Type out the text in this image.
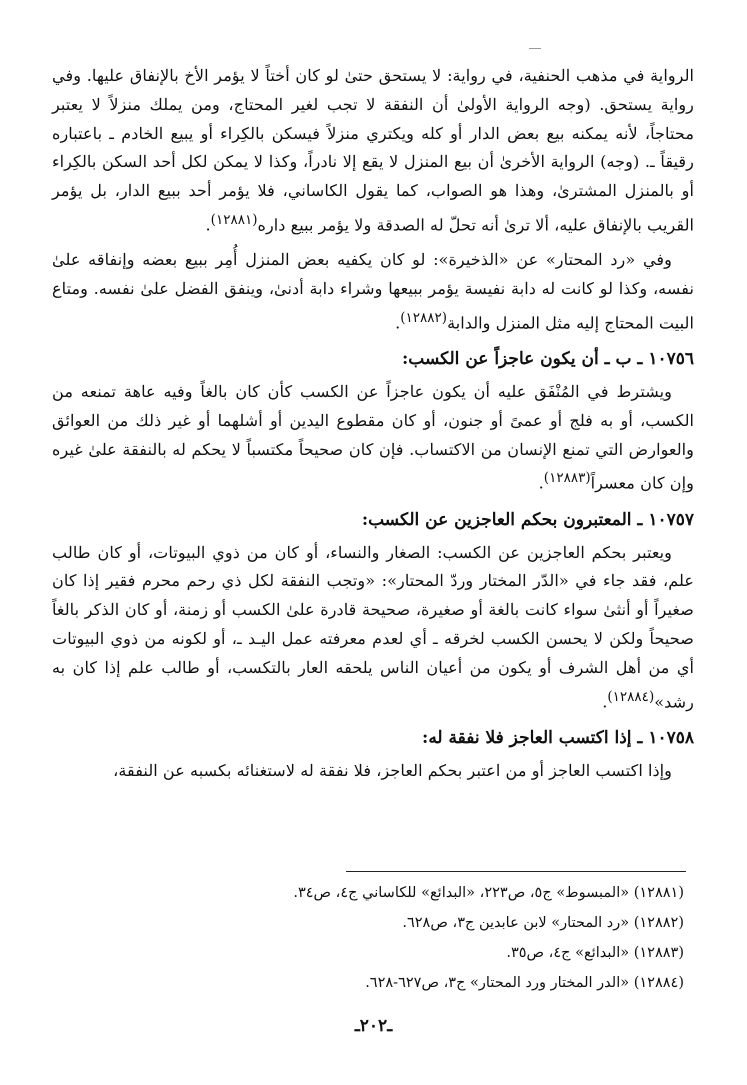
الرواية في مذهب الحنفية، في رواية: لا يستحق حتىٰ لو كان أختاً لا يؤمر الأخ بالإنفاق عليها. وفي رواية يستحق. (وجه الرواية الأولىٰ أن النفقة لا تجب لغير المحتاج، ومن يملك منزلاً لا يعتبر محتاجاً، لأنه يمكنه بيع بعض الدار أو كله ويكتري منزلاً فيسكن بالكِراء أو يبيع الخادم ـ باعتباره رقيقاً ـ. (وجه) الرواية الأخرىٰ أن بيع المنزل لا يقع إلا نادراً، وكذا لا يمكن لكل أحد السكن بالكِراء أو بالمنزل المشترىٰ، وهذا هو الصواب، كما يقول الكاساني، فلا يؤمر أحد ببيع الدار، بل يؤمر القريب بالإنفاق عليه، ألا ترىٰ أنه تحلّ له الصدقة ولا يؤمر ببيع داره$^{(١٢٨٨١)}$.

وفي «رد المحتار» عن «الذخيرة»: لو كان يكفيه بعض المنزل أُمِر ببيع بعضه وإنفاقه علىٰ نفسه، وكذا لو كانت له دابة نفيسة يؤمر ببيعها وشراء دابة أدنىٰ، وينفق الفضل علىٰ نفسه. ومتاع البيت المحتاج إليه مثل المنزل والدابة$^{(١٢٨٨٢)}$.

١٠٧٥٦ ـ ب ـ أن يكون عاجزاً عن الكسب:

ويشترط في المُنْفَق عليه أن يكون عاجزاً عن الكسب كأن كان بالغاً وفيه عاهة تمنعه من الكسب، أو به فلج أو عمىً أو جنون، أو كان مقطوع اليدين أو أشلهما أو غير ذلك من العوائق والعوارض التي تمنع الإنسان من الاكتساب. فإن كان صحيحاً مكتسباً لا يحكم له بالنفقة علىٰ غيره وإن كان معسراً$^{(١٢٨٨٣)}$.

١٠٧٥٧ ـ المعتبرون بحكم العاجزين عن الكسب:

ويعتبر بحكم العاجزين عن الكسب: الصغار والنساء، أو كان من ذوي البيوتات، أو كان طالب علم، فقد جاء في «الدّر المختار وردّ المحتار»: «وتجب النفقة لكل ذي رحم محرم فقير إذا كان صغيراً أو أنثىٰ سواء كانت بالغة أو صغيرة، صحيحة قادرة علىٰ الكسب أو زمنة، أو كان الذكر بالغاً صحيحاً ولكن لا يحسن الكسب لخرقه ـ أي لعدم معرفته عمل اليـد ـ، أو لكونه من ذوي البيوتات أي من أهل الشرف أو يكون من أعيان الناس يلحقه العار بالتكسب، أو طالب علم إذا كان به رشد»$^{(١٢٨٨٤)}$.

١٠٧٥٨ ـ إذا اكتسب العاجز فلا نفقة له:

وإذا اكتسب العاجز أو من اعتبر بحكم العاجز، فلا نفقة له لاستغنائه بكسبه عن النفقة،

(١٢٨٨١) «المبسوط» ج٥، ص٢٢٣، «البدائع» للكاساني ج٤، ص٣٤.

(١٢٨٨٢) «رد المحتار» لابن عابدين ج٣، ص٦٢٨.

(١٢٨٨٣) «البدائع» ج٤، ص٣٥.

(١٢٨٨٤) «الدر المختار ورد المحتار» ج٣، ص٦٢٧-٦٢٨.

ـ٢٠٢ـ
